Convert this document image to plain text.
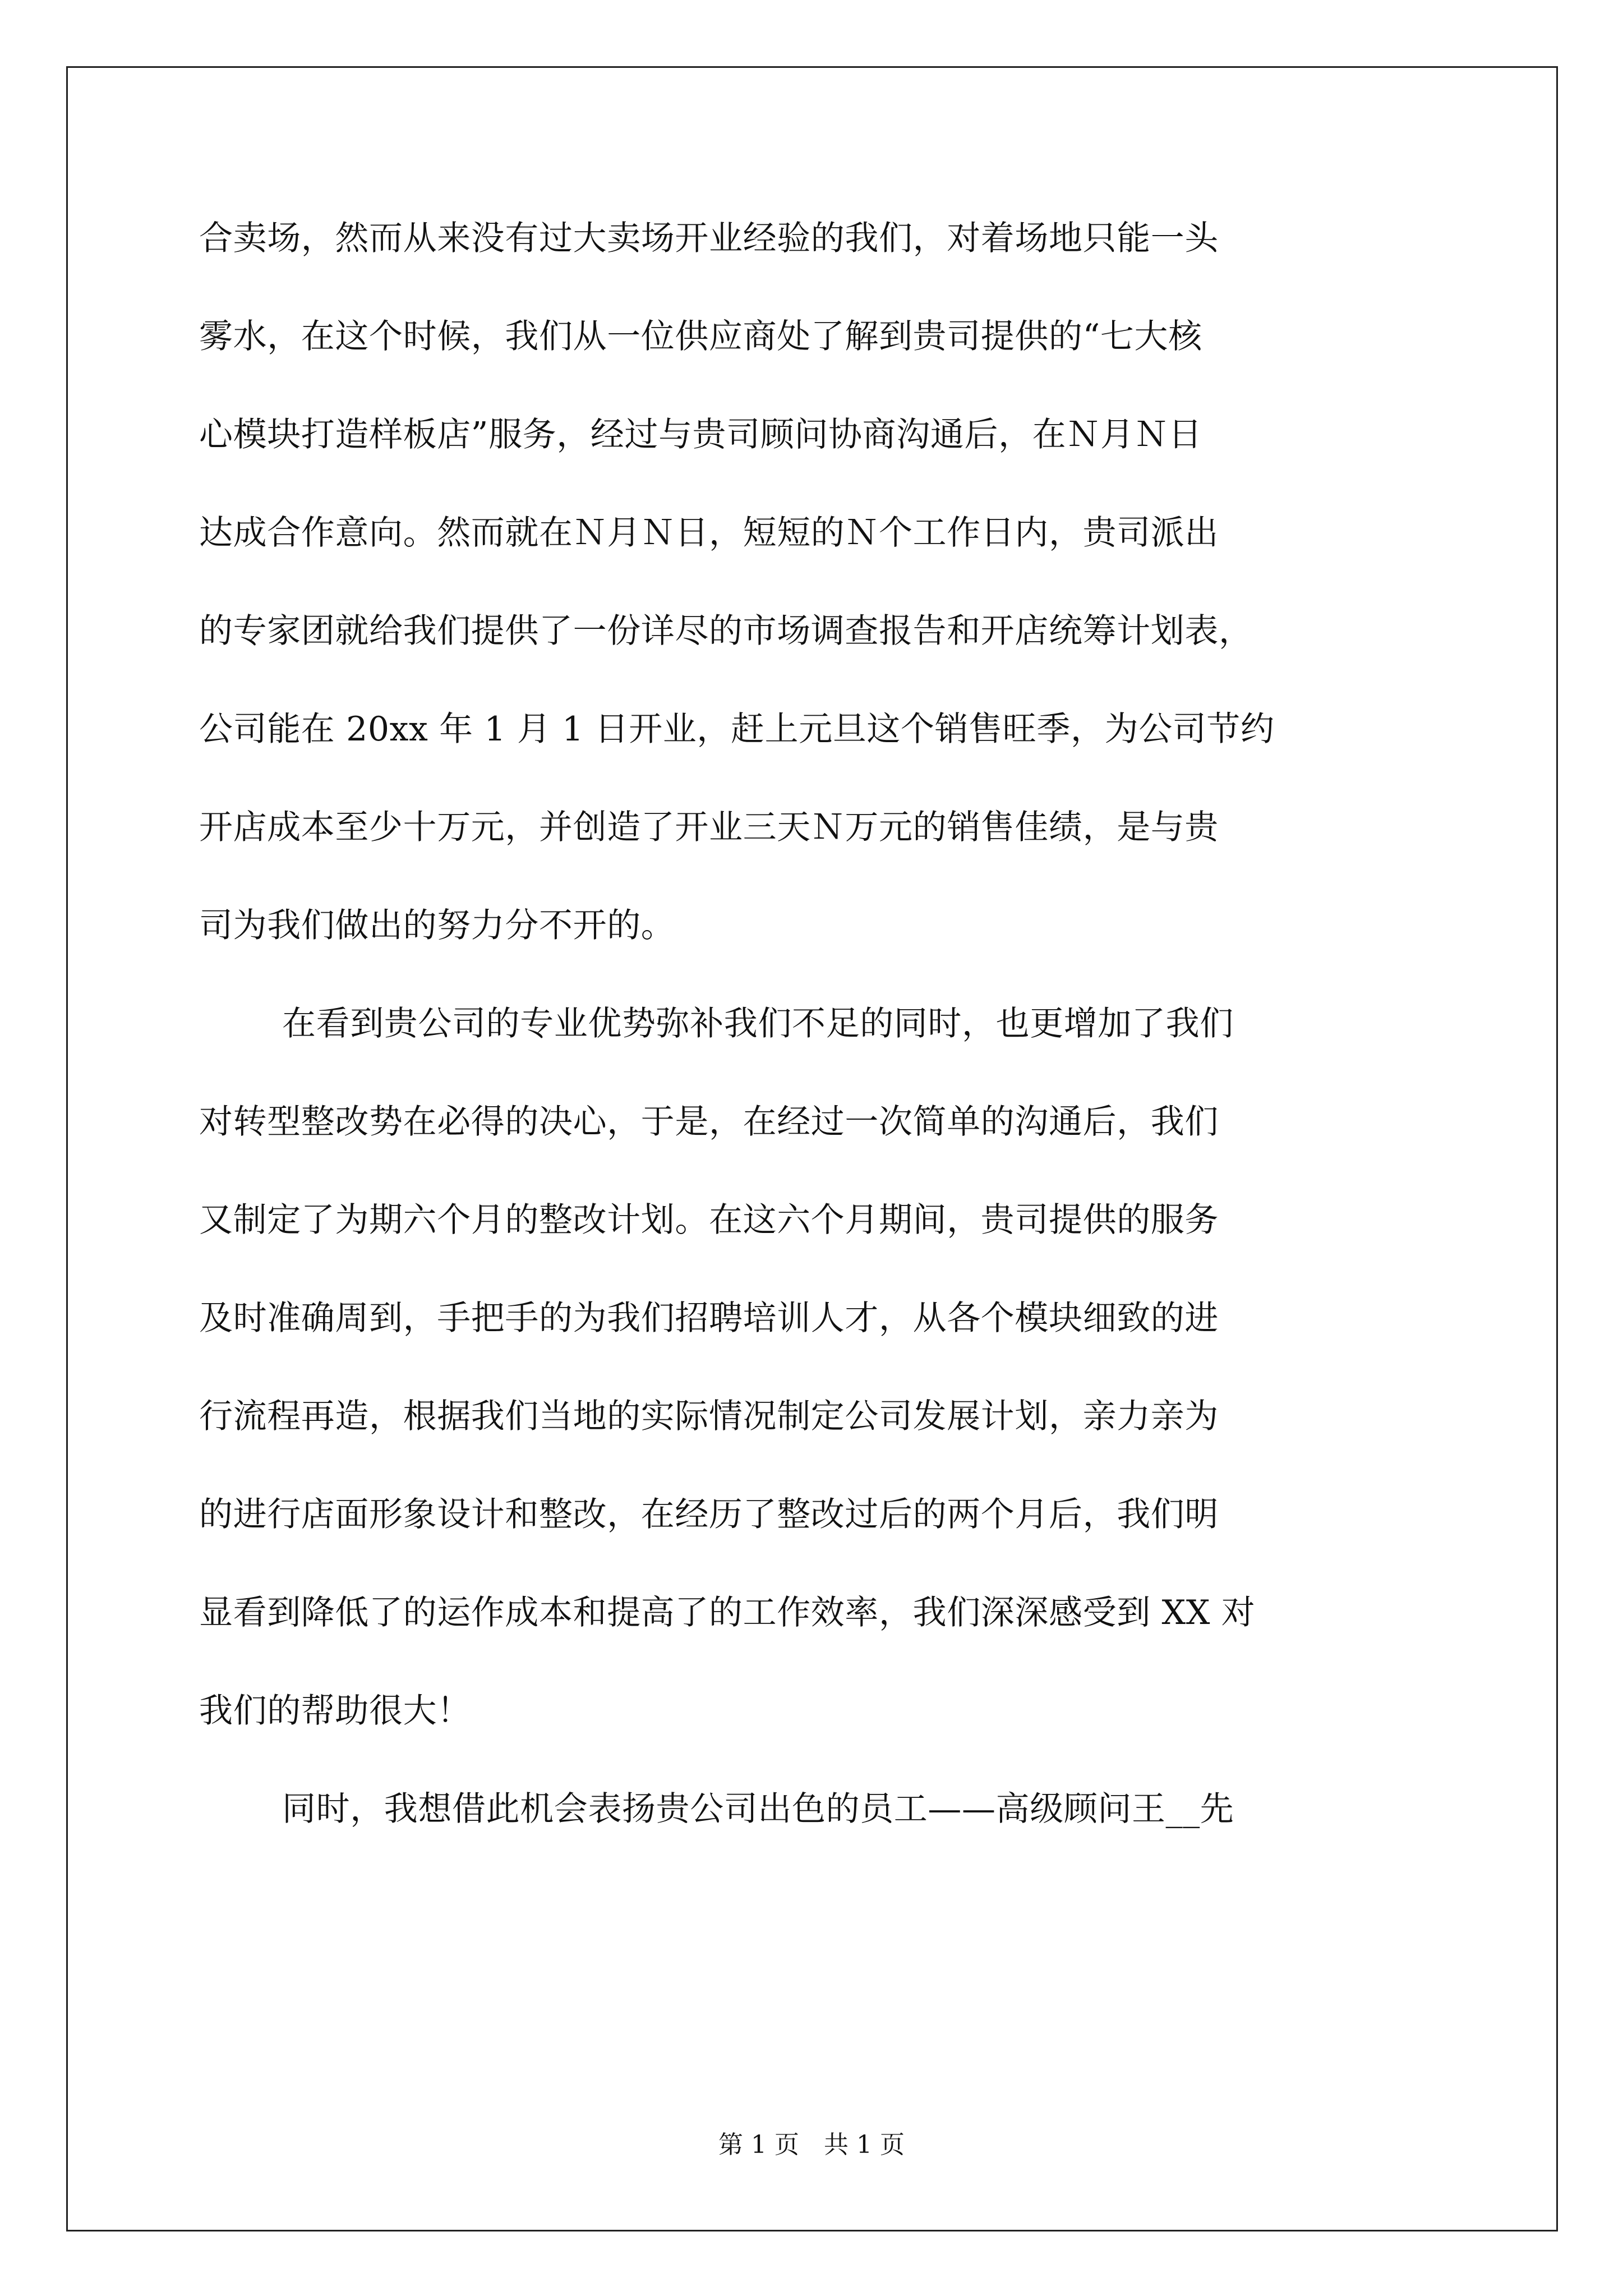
合卖场，然而从来没有过大卖场开业经验的我们，对着场地只能一头
雾水，在这个时候，我们从一位供应商处了解到贵司提供的“七大核
心模块打造样板店”服务，经过与贵司顾问协商沟通后，在Ｎ月Ｎ日
达成合作意向。然而就在Ｎ月Ｎ日，短短的Ｎ个工作日内，贵司派出
的专家团就给我们提供了一份详尽的市场调查报告和开店统筹计划表，
公司能在 20xx 年 1 月 1 日开业，赶上元旦这个销售旺季，为公司节约
开店成本至少十万元，并创造了开业三天Ｎ万元的销售佳绩，是与贵
司为我们做出的努力分不开的。
在看到贵公司的专业优势弥补我们不足的同时，也更增加了我们
对转型整改势在必得的决心，于是，在经过一次简单的沟通后，我们
又制定了为期六个月的整改计划。在这六个月期间，贵司提供的服务
及时准确周到，手把手的为我们招聘培训人才，从各个模块细致的进
行流程再造，根据我们当地的实际情况制定公司发展计划，亲力亲为
的进行店面形象设计和整改，在经历了整改过后的两个月后，我们明
显看到降低了的运作成本和提高了的工作效率，我们深深感受到 XX 对
我们的帮助很大！
同时，我想借此机会表扬贵公司出色的员工——高级顾问王__先
第 1 页　共 1 页
